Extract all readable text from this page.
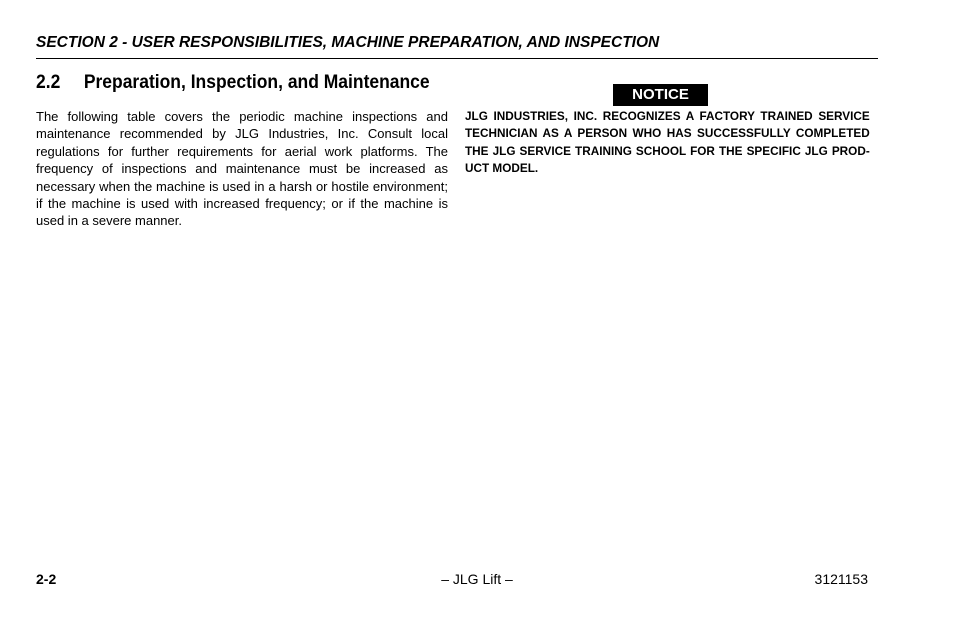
SECTION 2 - USER RESPONSIBILITIES, MACHINE PREPARATION, AND INSPECTION
2.2 Preparation, Inspection, and Maintenance
The following table covers the periodic machine inspections and maintenance recommended by JLG Industries, Inc. Consult local regulations for further requirements for aerial work platforms. The frequency of inspections and maintenance must be increased as necessary when the machine is used in a harsh or hostile environment; if the machine is used with increased frequency; or if the machine is used in a severe manner.
NOTICE
JLG INDUSTRIES, INC. RECOGNIZES A FACTORY TRAINED SERVICE TECHNICIAN AS A PERSON WHO HAS SUCCESSFULLY COMPLETED THE JLG SERVICE TRAINING SCHOOL FOR THE SPECIFIC JLG PRODUCT MODEL.
2-2	– JLG Lift –	3121153
